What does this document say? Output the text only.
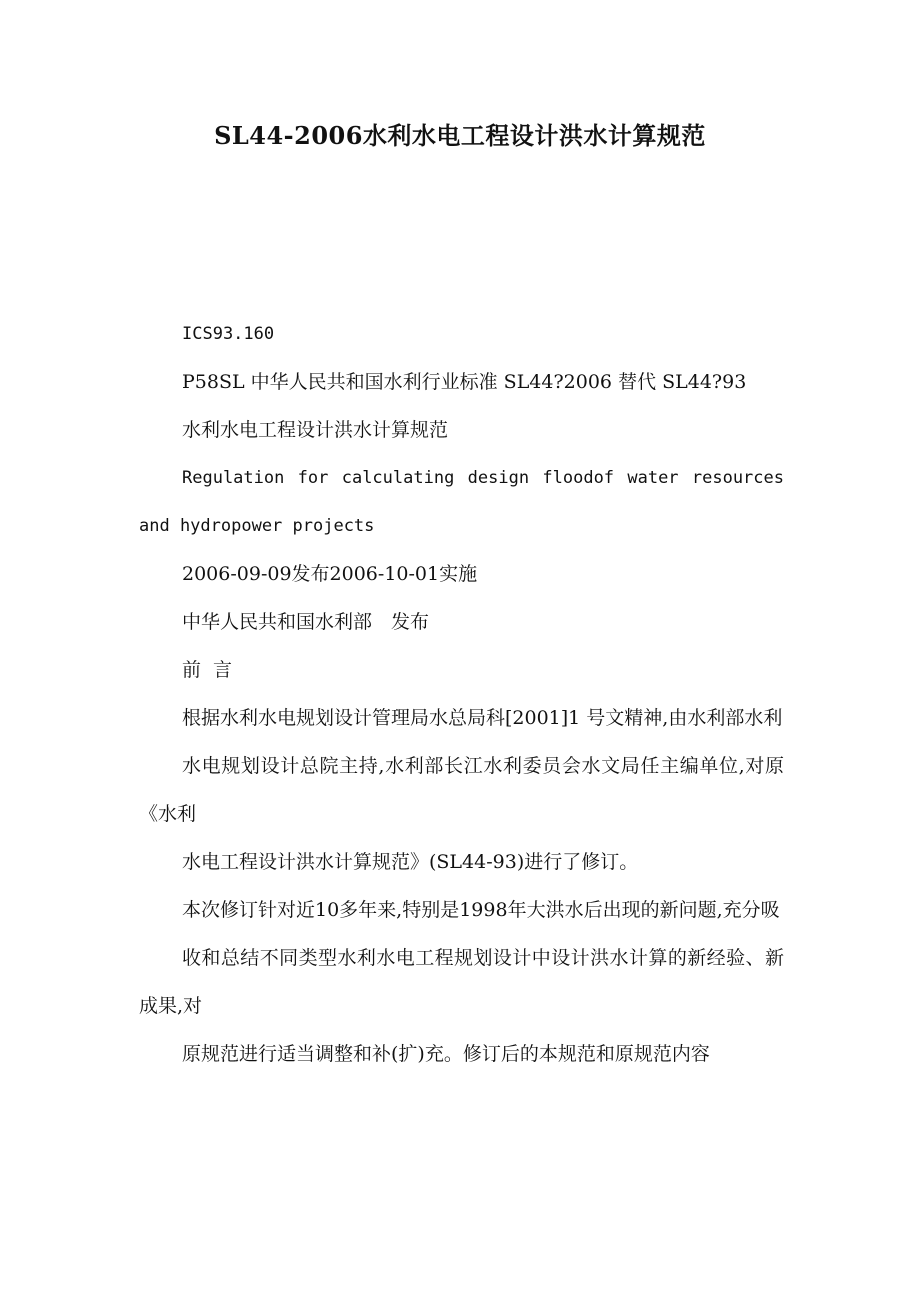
SL44-2006水利水电工程设计洪水计算规范

ICS93.160

P58SL 中华人民共和国水利行业标准 SL44?2006 替代 SL44?93

水利水电工程设计洪水计算规范

Regulation for calculating design floodof water resources and hydropower projects

2006-09-09发布2006-10-01实施

中华人民共和国水利部　发布

前 言

根据水利水电规划设计管理局水总局科[2001]1 号文精神,由水利部水利

水电规划设计总院主持,水利部长江水利委员会水文局任主编单位,对原《水利

水电工程设计洪水计算规范》(SL44-93)进行了修订。

本次修订针对近10多年来,特别是1998年大洪水后出现的新问题,充分吸

收和总结不同类型水利水电工程规划设计中设计洪水计算的新经验、新成果,对

原规范进行适当调整和补(扩)充。修订后的本规范和原规范内容
